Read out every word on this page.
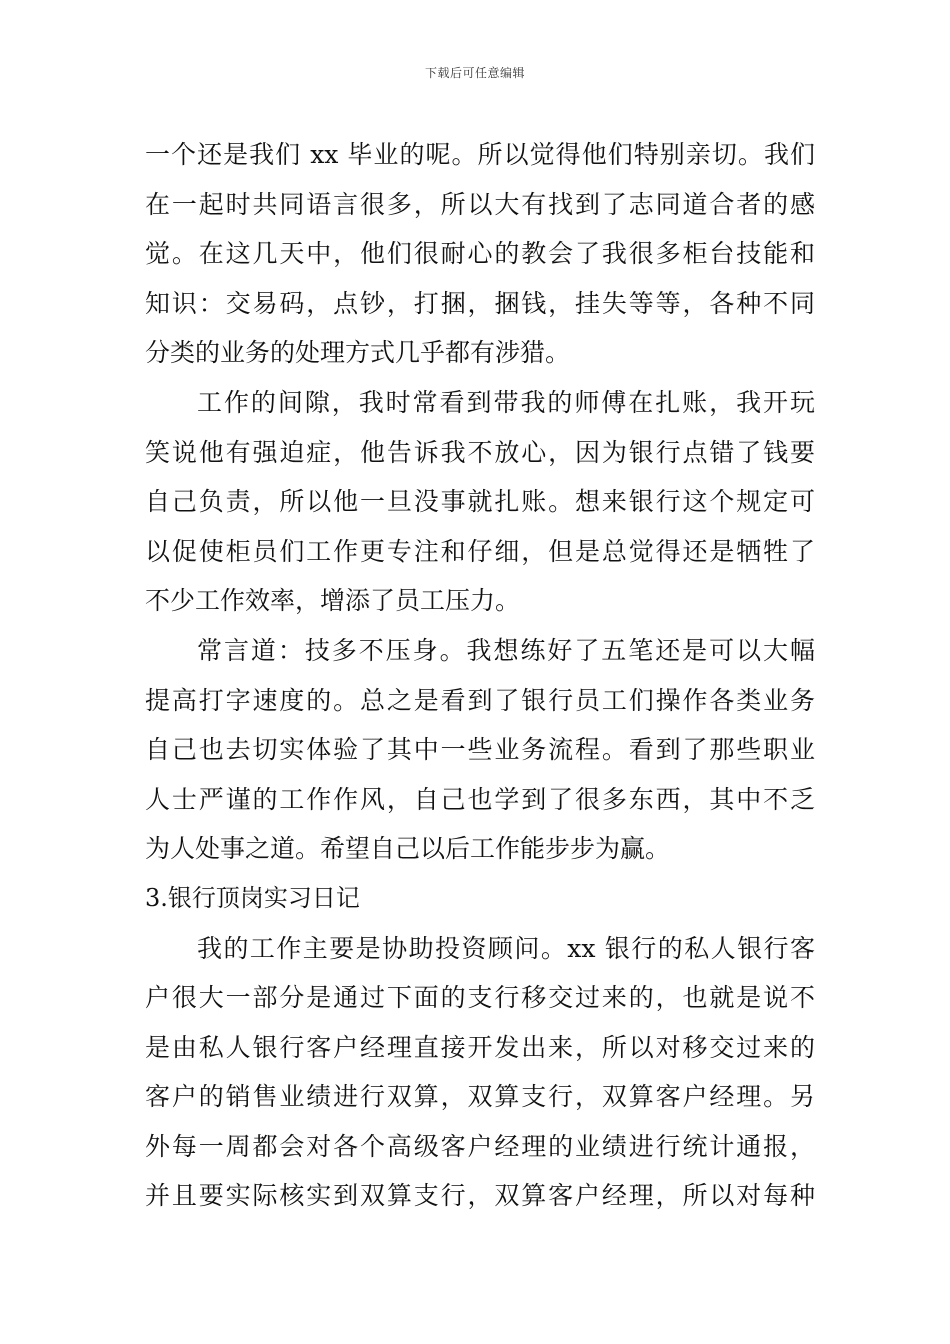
下载后可任意编辑
一个还是我们 xx 毕业的呢。所以觉得他们特别亲切。我们
在一起时共同语言很多，所以大有找到了志同道合者的感
觉。在这几天中，他们很耐心的教会了我很多柜台技能和
知识：交易码，点钞，打捆，捆钱，挂失等等，各种不同
分类的业务的处理方式几乎都有涉猎。
工作的间隙，我时常看到带我的师傅在扎账，我开玩
笑说他有强迫症，他告诉我不放心，因为银行点错了钱要
自己负责，所以他一旦没事就扎账。想来银行这个规定可
以促使柜员们工作更专注和仔细，但是总觉得还是牺牲了
不少工作效率，增添了员工压力。
常言道：技多不压身。我想练好了五笔还是可以大幅
提高打字速度的。总之是看到了银行员工们操作各类业务
自己也去切实体验了其中一些业务流程。看到了那些职业
人士严谨的工作作风，自己也学到了很多东西，其中不乏
为人处事之道。希望自己以后工作能步步为赢。
3.银行顶岗实习日记
我的工作主要是协助投资顾问。xx 银行的私人银行客
户很大一部分是通过下面的支行移交过来的，也就是说不
是由私人银行客户经理直接开发出来，所以对移交过来的
客户的销售业绩进行双算，双算支行，双算客户经理。另
外每一周都会对各个高级客户经理的业绩进行统计通报，
并且要实际核实到双算支行，双算客户经理，所以对每种
